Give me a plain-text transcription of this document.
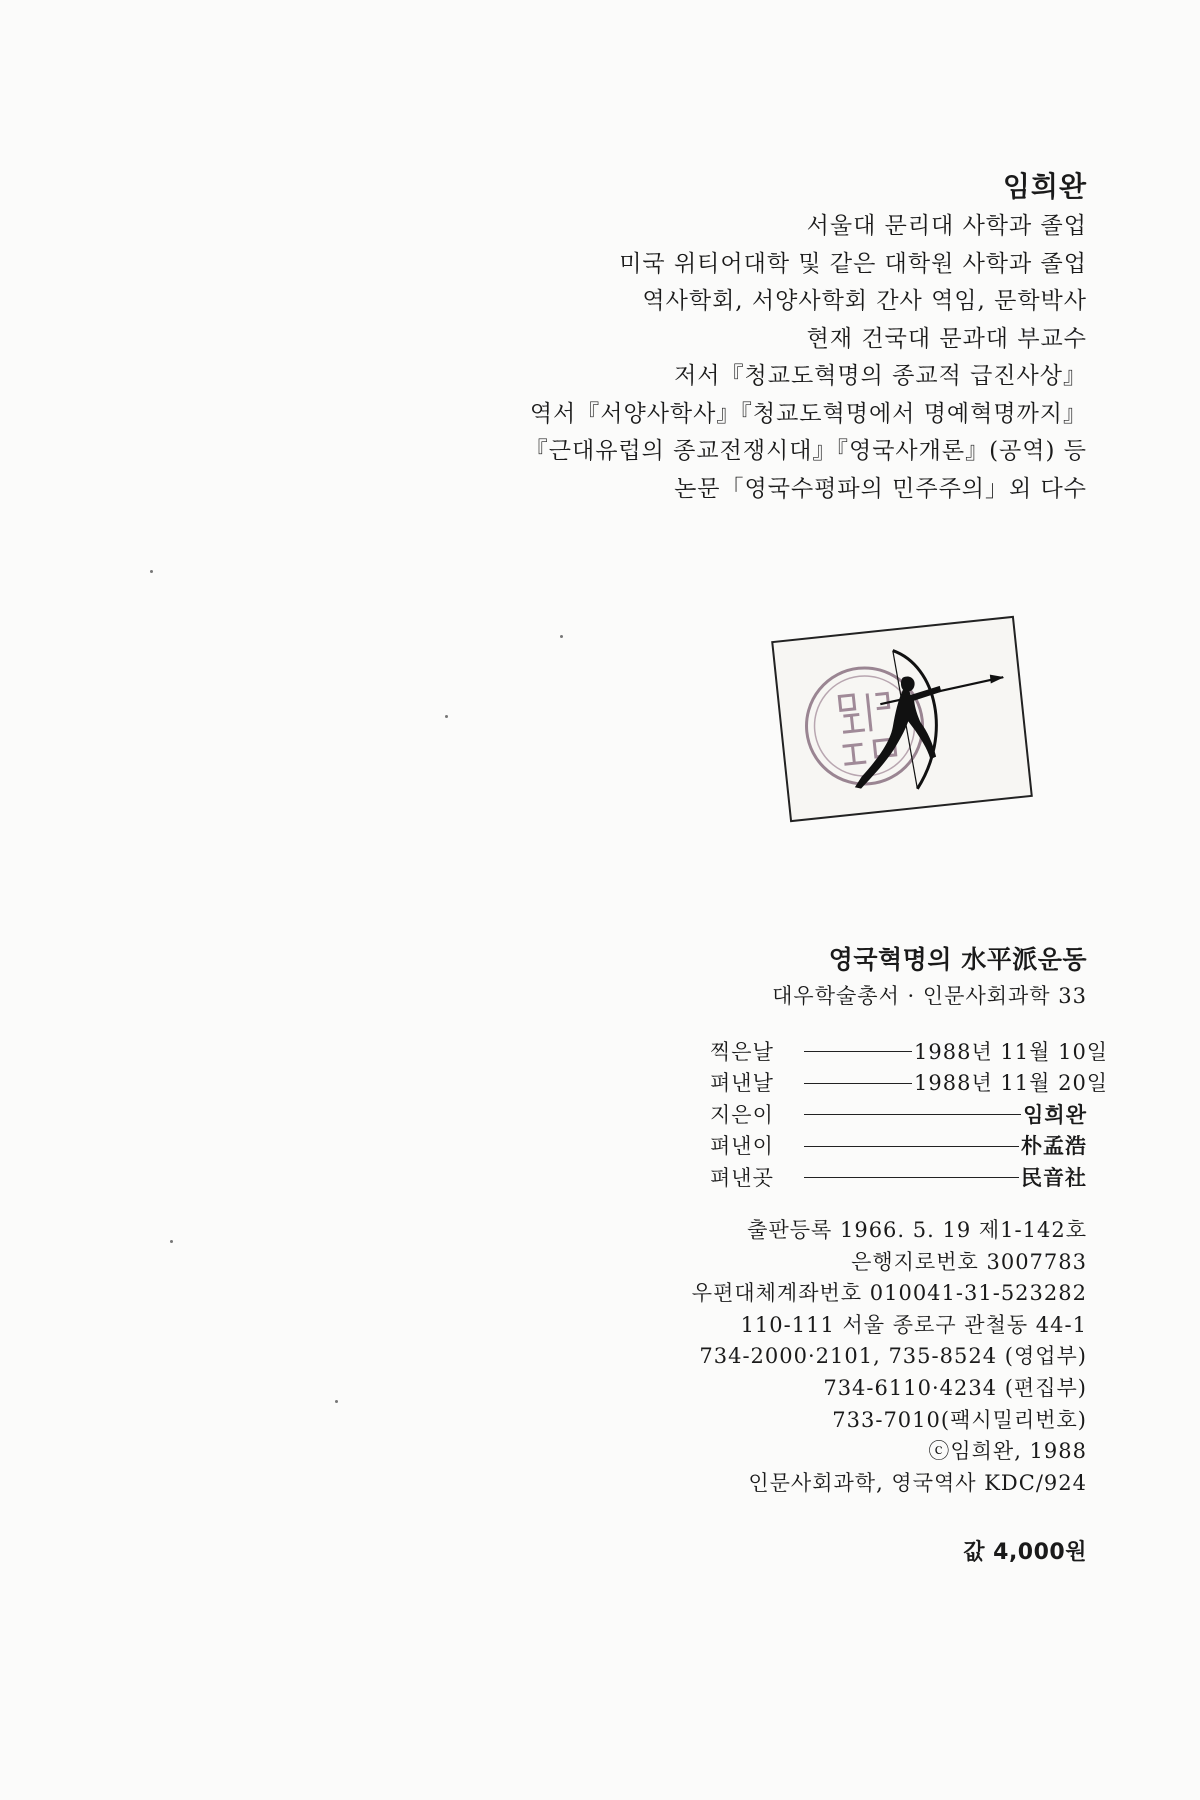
임희완
서울대 문리대 사학과 졸업
미국 위티어대학 및 같은 대학원 사학과 졸업
역사학회, 서양사학회 간사 역임, 문학박사
현재 건국대 문과대 부교수
저서『청교도혁명의 종교적 급진사상』
역서『서양사학사』『청교도혁명에서 명예혁명까지』
『근대유럽의 종교전쟁시대』『영국사개론』(공역) 등
논문「영국수평파의 민주주의」외 다수
영국혁명의 水平派운동
대우학술총서 · 인문사회과학 33
찍은날	1988년 11월 10일
펴낸날	1988년 11월 20일
지은이	임희완
펴낸이	朴孟浩
펴낸곳	民音社
출판등록 1966. 5. 19 제1-142호
은행지로번호 3007783
우편대체계좌번호 010041-31-523282
110-111 서울 종로구 관철동 44-1
734-2000·2101, 735-8524 (영업부)
734-6110·4234 (편집부)
733-7010(팩시밀리번호)
ⓒ임희완, 1988
인문사회과학, 영국역사 KDC/924
값 4,000원
